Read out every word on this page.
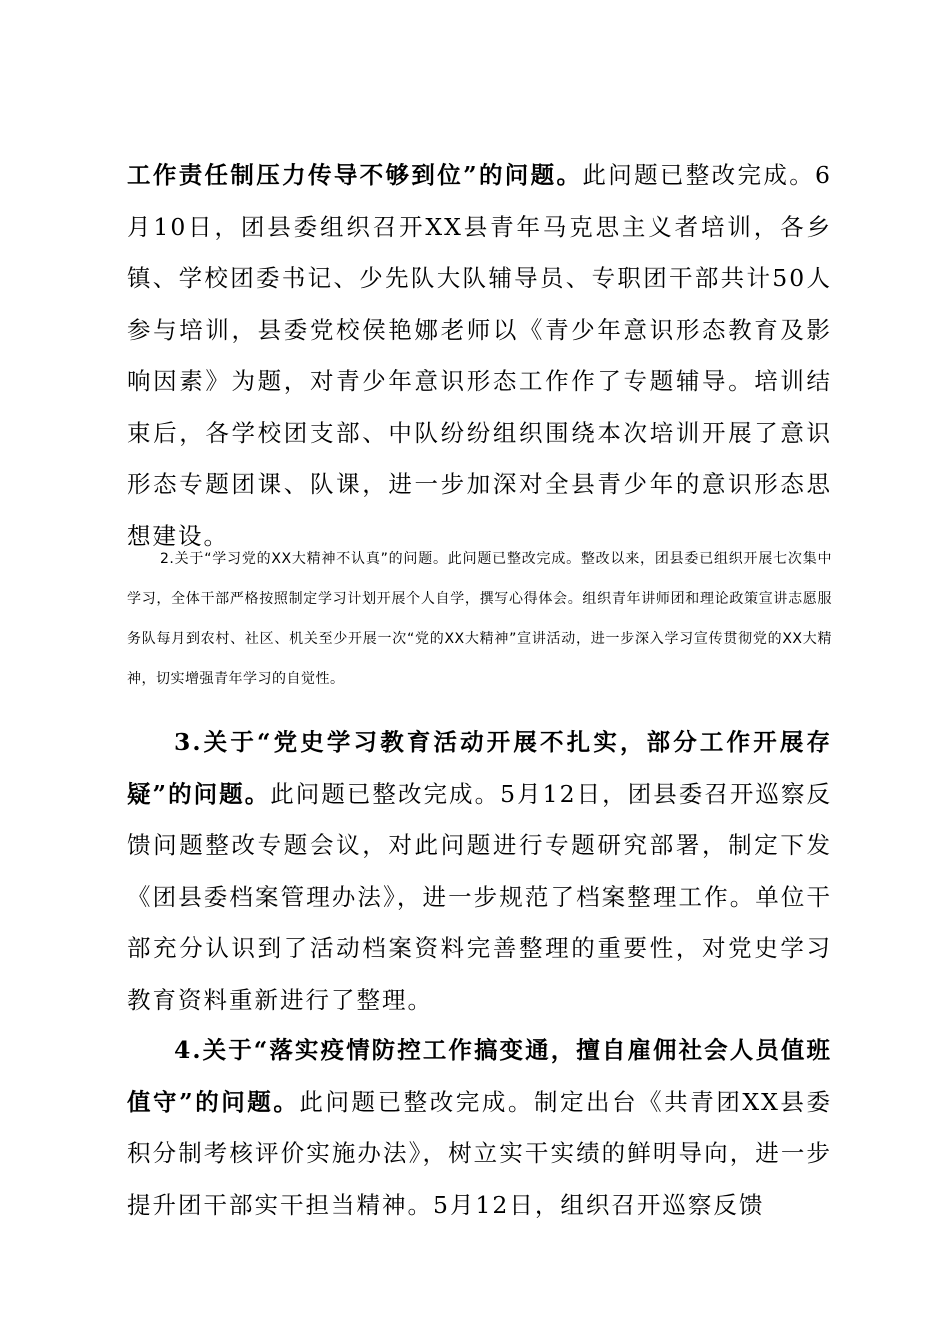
工作责任制压力传导不够到位”的问题。此问题已整改完成。6月10日，团县委组织召开XX县青年马克思主义者培训，各乡镇、学校团委书记、少先队大队辅导员、专职团干部共计50人参与培训，县委党校侯艳娜老师以《青少年意识形态教育及影响因素》为题，对青少年意识形态工作作了专题辅导。培训结束后，各学校团支部、中队纷纷组织围绕本次培训开展了意识形态专题团课、队课，进一步加深对全县青少年的意识形态思想建设。

2.关于“学习党的XX大精神不认真”的问题。此问题已整改完成。整改以来，团县委已组织开展七次集中学习，全体干部严格按照制定学习计划开展个人自学，撰写心得体会。组织青年讲师团和理论政策宣讲志愿服务队每月到农村、社区、机关至少开展一次“党的XX大精神”宣讲活动，进一步深入学习宣传贯彻党的XX大精神，切实增强青年学习的自觉性。

3.关于“党史学习教育活动开展不扎实，部分工作开展存疑”的问题。此问题已整改完成。5月12日，团县委召开巡察反馈问题整改专题会议，对此问题进行专题研究部署，制定下发《团县委档案管理办法》，进一步规范了档案整理工作。单位干部充分认识到了活动档案资料完善整理的重要性，对党史学习教育资料重新进行了整理。

4.关于“落实疫情防控工作搞变通，擅自雇佣社会人员值班值守”的问题。此问题已整改完成。制定出台《共青团XX县委积分制考核评价实施办法》，树立实干实绩的鲜明导向，进一步提升团干部实干担当精神。5月12日，组织召开巡察反馈
